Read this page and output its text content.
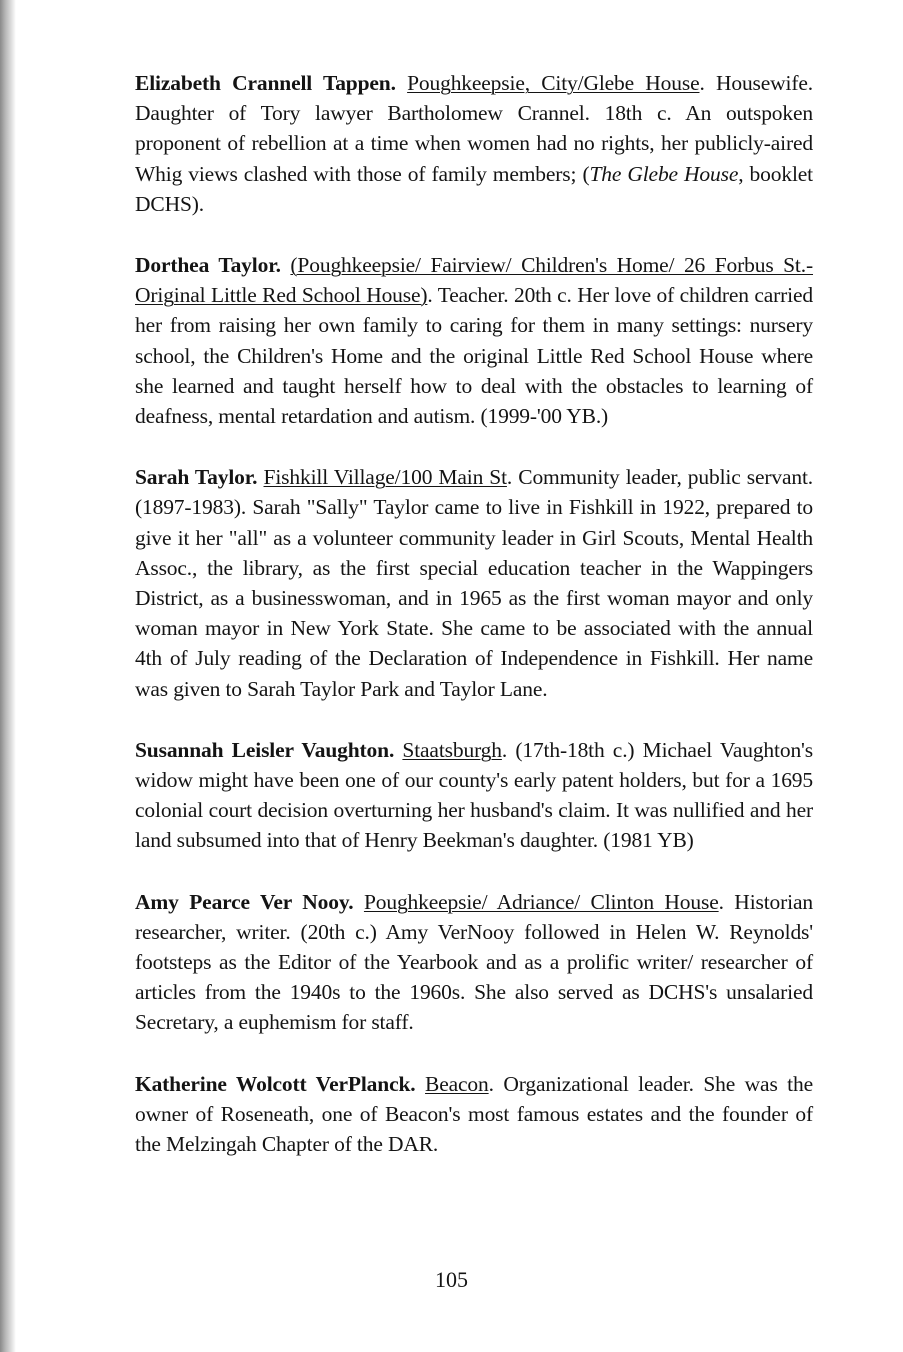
Elizabeth Crannell Tappen. Poughkeepsie, City/Glebe House. Housewife. Daughter of Tory lawyer Bartholomew Crannel. 18th c. An outspoken proponent of rebellion at a time when women had no rights, her publicly-aired Whig views clashed with those of family members; (The Glebe House, booklet DCHS).

Dorthea Taylor. (Poughkeepsie/ Fairview/ Children's Home/ 26 Forbus St.- Original Little Red School House). Teacher. 20th c. Her love of children carried her from raising her own family to caring for them in many settings: nursery school, the Children's Home and the original Little Red School House where she learned and taught herself how to deal with the obstacles to learning of deafness, mental retardation and autism. (1999-'00 YB.)

Sarah Taylor. Fishkill Village/100 Main St. Community leader, public servant.(1897-1983). Sarah "Sally" Taylor came to live in Fishkill in 1922, prepared to give it her "all" as a volunteer community leader in Girl Scouts, Mental Health Assoc., the library, as the first special education teacher in the Wappingers District, as a businesswoman, and in 1965 as the first woman mayor and only woman mayor in New York State. She came to be associated with the annual 4th of July reading of the Declaration of Independence in Fishkill. Her name was given to Sarah Taylor Park and Taylor Lane.

Susannah Leisler Vaughton. Staatsburgh. (17th-18th c.) Michael Vaughton's widow might have been one of our county's early patent holders, but for a 1695 colonial court decision overturning her husband's claim. It was nullified and her land subsumed into that of Henry Beekman's daughter. (1981 YB)

Amy Pearce Ver Nooy. Poughkeepsie/ Adriance/ Clinton House. Historian researcher, writer. (20th c.) Amy VerNooy followed in Helen W. Reynolds' footsteps as the Editor of the Yearbook and as a prolific writer/ researcher of articles from the 1940s to the 1960s. She also served as DCHS's unsalaried Secretary, a euphemism for staff.

Katherine Wolcott VerPlanck. Beacon. Organizational leader. She was the owner of Roseneath, one of Beacon's most famous estates and the founder of the Melzingah Chapter of the DAR.

105
